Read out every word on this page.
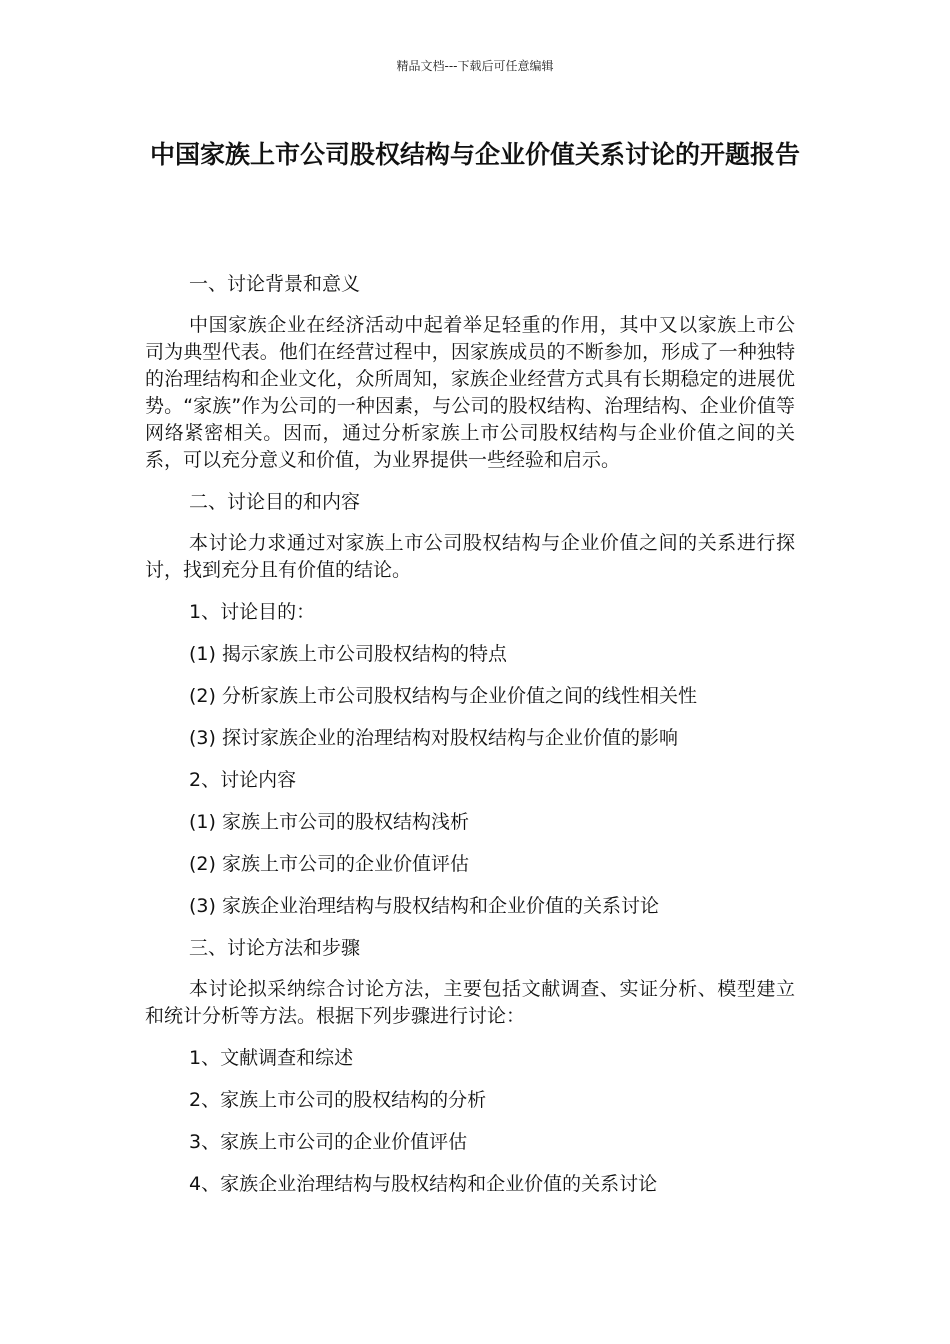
精品文档---下载后可任意编辑
中国家族上市公司股权结构与企业价值关系讨论的开题报告

一、讨论背景和意义

中国家族企业在经济活动中起着举足轻重的作用，其中又以家族上市公司为典型代表。他们在经营过程中，因家族成员的不断参加，形成了一种独特的治理结构和企业文化，众所周知，家族企业经营方式具有长期稳定的进展优势。“家族”作为公司的一种因素，与公司的股权结构、治理结构、企业价值等网络紧密相关。因而，通过分析家族上市公司股权结构与企业价值之间的关系，可以充分意义和价值，为业界提供一些经验和启示。

二、讨论目的和内容

本讨论力求通过对家族上市公司股权结构与企业价值之间的关系进行探讨，找到充分且有价值的结论。

1、讨论目的：

(1) 揭示家族上市公司股权结构的特点

(2) 分析家族上市公司股权结构与企业价值之间的线性相关性

(3) 探讨家族企业的治理结构对股权结构与企业价值的影响

2、讨论内容

(1) 家族上市公司的股权结构浅析

(2) 家族上市公司的企业价值评估

(3) 家族企业治理结构与股权结构和企业价值的关系讨论

三、讨论方法和步骤

本讨论拟采纳综合讨论方法，主要包括文献调查、实证分析、模型建立和统计分析等方法。根据下列步骤进行讨论：

1、文献调查和综述

2、家族上市公司的股权结构的分析

3、家族上市公司的企业价值评估

4、家族企业治理结构与股权结构和企业价值的关系讨论
